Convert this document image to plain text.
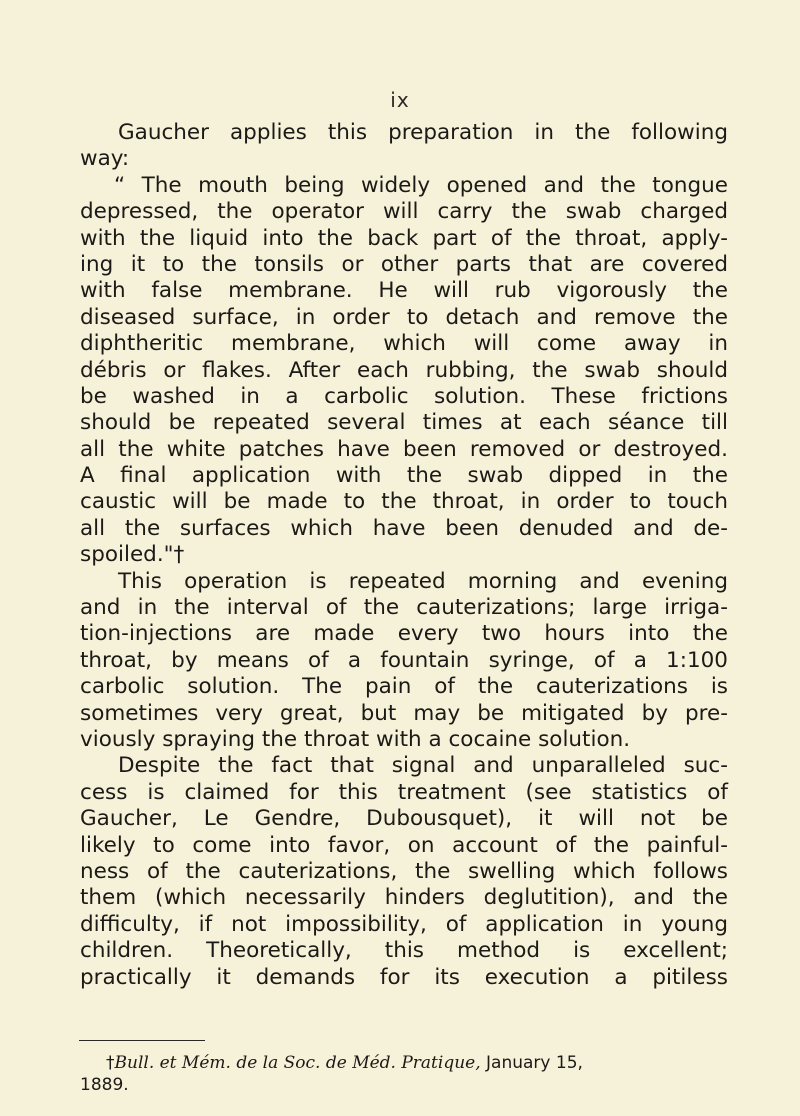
ix
Gaucher applies this preparation in the following
way:
“ The mouth being widely opened and the tongue
depressed, the operator will carry the swab charged
with the liquid into the back part of the throat, apply-
ing it to the tonsils or other parts that are covered
with false membrane. He will rub vigorously the
diseased surface, in order to detach and remove the
diphtheritic membrane, which will come away in
débris or flakes. After each rubbing, the swab should
be washed in a carbolic solution. These frictions
should be repeated several times at each séance till
all the white patches have been removed or destroyed.
A final application with the swab dipped in the
caustic will be made to the throat, in order to touch
all the surfaces which have been denuded and de-
spoiled."†
This operation is repeated morning and evening
and in the interval of the cauterizations; large irriga-
tion-injections are made every two hours into the
throat, by means of a fountain syringe, of a 1:100
carbolic solution. The pain of the cauterizations is
sometimes very great, but may be mitigated by pre-
viously spraying the throat with a cocaine solution.
Despite the fact that signal and unparalleled suc-
cess is claimed for this treatment (see statistics of
Gaucher, Le Gendre, Dubousquet), it will not be
likely to come into favor, on account of the painful-
ness of the cauterizations, the swelling which follows
them (which necessarily hinders deglutition), and the
difficulty, if not impossibility, of application in young
children. Theoretically, this method is excellent;
practically it demands for its execution a pitiless
†Bull. et Mém. de la Soc. de Méd. Pratique, January 15,
1889.
